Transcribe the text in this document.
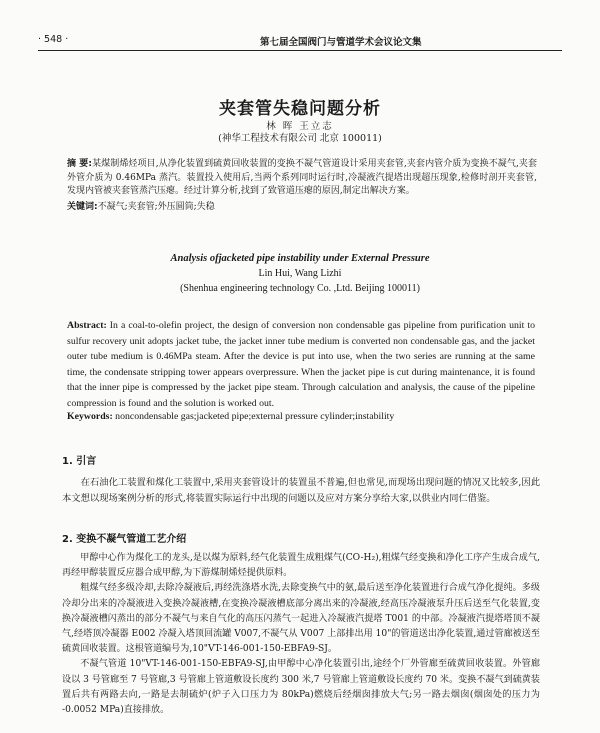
· 548 ·	第七届全国阀门与管道学术会议论文集
夹套管失稳问题分析
林 晖 王立志
(神华工程技术有限公司 北京 100011)
摘 要:某煤制烯烃项目,从净化装置到硫黄回收装置的变换不凝气管道设计采用夹套管,夹套内管介质为变换不凝气,夹套外管介质为 0.46MPa 蒸汽。装置投入使用后,当两个系列同时运行时,冷凝液汽提塔出现超压现象,检修时剖开夹套管,发现内管被夹套管蒸汽压瘪。经过计算分析,找到了致管道压瘪的原因,制定出解决方案。
关键词:不凝气;夹套管;外压圆筒;失稳
Analysis ofjacketed pipe instability under External Pressure
Lin Hui, Wang Lizhi
(Shenhua engineering technology Co. ,Ltd. Beijing 100011)
Abstract: In a coal-to-olefin project, the design of conversion non condensable gas pipeline from purification unit to sulfur recovery unit adopts jacket tube, the jacket inner tube medium is converted non condensable gas, and the jacket outer tube medium is 0.46MPa steam. After the device is put into use, when the two series are running at the same time, the condensate stripping tower appears overpressure. When the jacket pipe is cut during maintenance, it is found that the inner pipe is compressed by the jacket pipe steam. Through calculation and analysis, the cause of the pipeline compression is found and the solution is worked out.
Keywords: noncondensable gas;jacketed pipe;external pressure cylinder;instability
1. 引言
在石油化工装置和煤化工装置中,采用夹套管设计的装置虽不普遍,但也常见,而现场出现问题的情况又比较多,因此本文想以现场案例分析的形式,将装置实际运行中出现的问题以及应对方案分享给大家,以供业内同仁借鉴。
2. 变换不凝气管道工艺介绍

甲醇中心作为煤化工的龙头,是以煤为原料,经气化装置生成粗煤气(CO-H₂),粗煤气经变换和净化工序产生成合成气,再经甲醇装置反应器合成甲醇,为下游煤制烯烃提供原料。

粗煤气经多级冷却,去除冷凝液后,再经洗涤塔水洗,去除变换气中的氨,最后送至净化装置进行合成气净化提纯。多级冷却分出来的冷凝液进入变换冷凝液槽,在变换冷凝液槽底部分离出来的冷凝液,经高压冷凝液泵升压后送至气化装置,变换冷凝液槽闪蒸出的部分不凝气与来自气化的高压闪蒸气一起进入冷凝液汽提塔 T001 的中部。冷凝液汽提塔塔顶不凝气,经塔顶冷凝器 E002 冷凝入塔顶回流罐 V007,不凝气从 V007 上部排出用 10"的管道送出净化装置,通过管廊被送至硫黄回收装置。这根管道编号为,10"VT-146-001-150-EBFA9-SJ。

不凝气管道 10"VT-146-001-150-EBFA9-SJ,由甲醇中心净化装置引出,途经个厂外管廊至硫黄回收装置。外管廊设以 3 号管廊至 7 号管廊,3 号管廊上管道敷设长度约 300 米,7 号管廊上管道敷设长度约 70 米。变换不凝气到硫黄装置后共有两路去向,一路是去制硫炉(炉子入口压力为 80kPa)燃烧后经烟囱排放大气;另一路去烟囱(烟囱处的压力为 -0.0052 MPa)直接排放。
